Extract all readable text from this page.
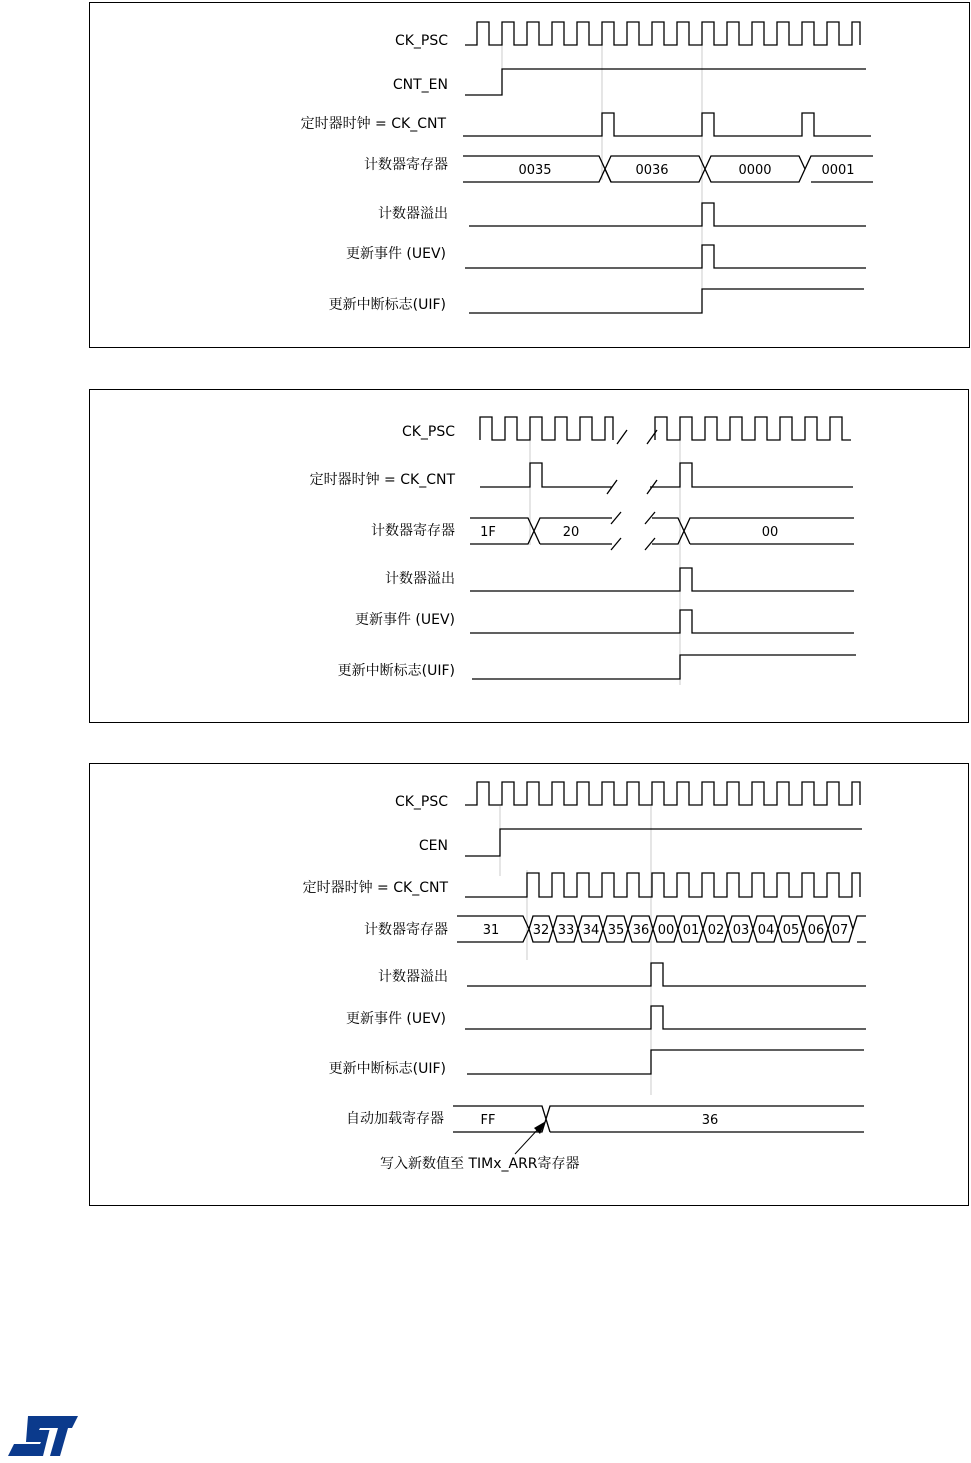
CK_PSC
CNT_EN
定时器时钟 = CK_CNT
计数器寄存器
计数器溢出
更新事件 (UEV)
更新中断标志(UIF)
0035	0036	0000	0001
CK_PSC
定时器时钟 = CK_CNT
计数器寄存器
计数器溢出
更新事件 (UEV)
更新中断标志(UIF)
1F	20	00
CK_PSC
CEN
定时器时钟 = CK_CNT
计数器寄存器
计数器溢出
更新事件 (UEV)
更新中断标志(UIF)
自动加载寄存器
31	32 33 34 35 36 00 01 02 03 04 05 06 07
FF	36
写入新数值至 TIMx_ARR寄存器
